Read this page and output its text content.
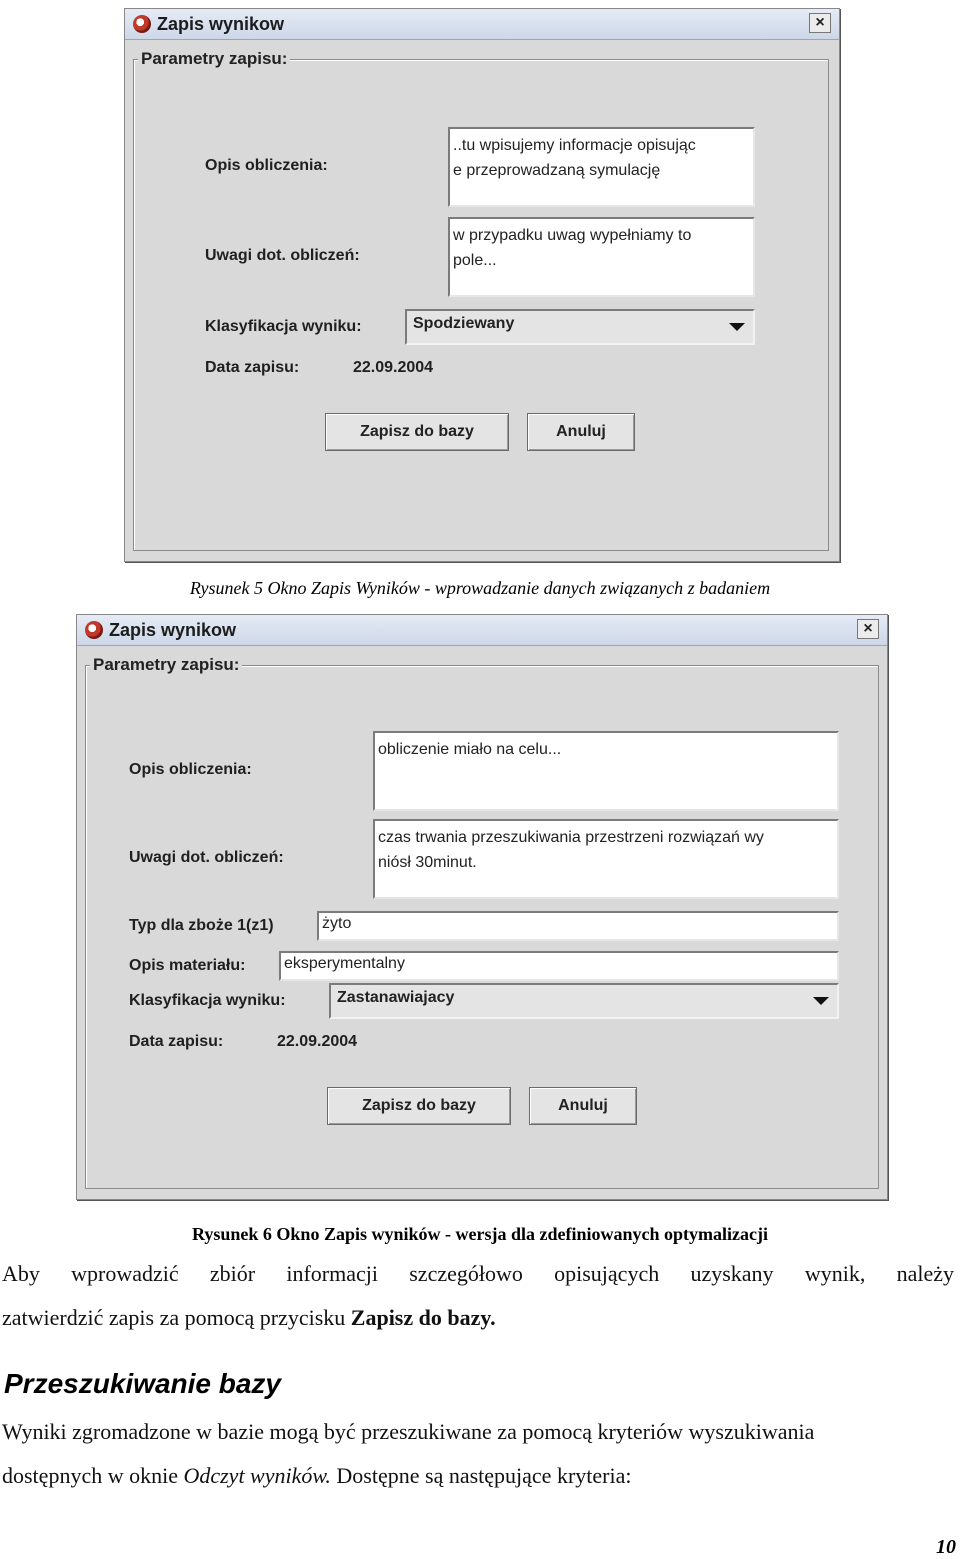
Zapis wynikow	×
Parametry zapisu:
Opis obliczenia:
..tu wpisujemy informacje opisując
e przeprowadzaną symulację
Uwagi dot. obliczeń:
w przypadku uwag wypełniamy to
pole...
Klasyfikacja wyniku:	Spodziewany
Data zapisu:	22.09.2004
Zapisz do bazy	Anuluj
Rysunek 5 Okno Zapis Wyników - wprowadzanie danych związanych z badaniem
Zapis wynikow	×
Parametry zapisu:
Opis obliczenia:
obliczenie miało na celu...
Uwagi dot. obliczeń:
czas trwania przeszukiwania przestrzeni rozwiązań wy
niósł 30minut.
Typ dla zboże 1(z1)	żyto
Opis materiału:	eksperymentalny
Klasyfikacja wyniku:	Zastanawiajacy
Data zapisu:	22.09.2004
Zapisz do bazy	Anuluj
Rysunek 6 Okno Zapis wyników - wersja dla zdefiniowanych optymalizacji
Aby wprowadzić zbiór informacji szczegółowo opisujących uzyskany wynik, należy
zatwierdzić zapis za pomocą przycisku Zapisz do bazy.
Przeszukiwanie bazy
Wyniki zgromadzone w bazie mogą być przeszukiwane za pomocą kryteriów wyszukiwania
dostępnych w oknie Odczyt wyników. Dostępne są następujące kryteria:
10
